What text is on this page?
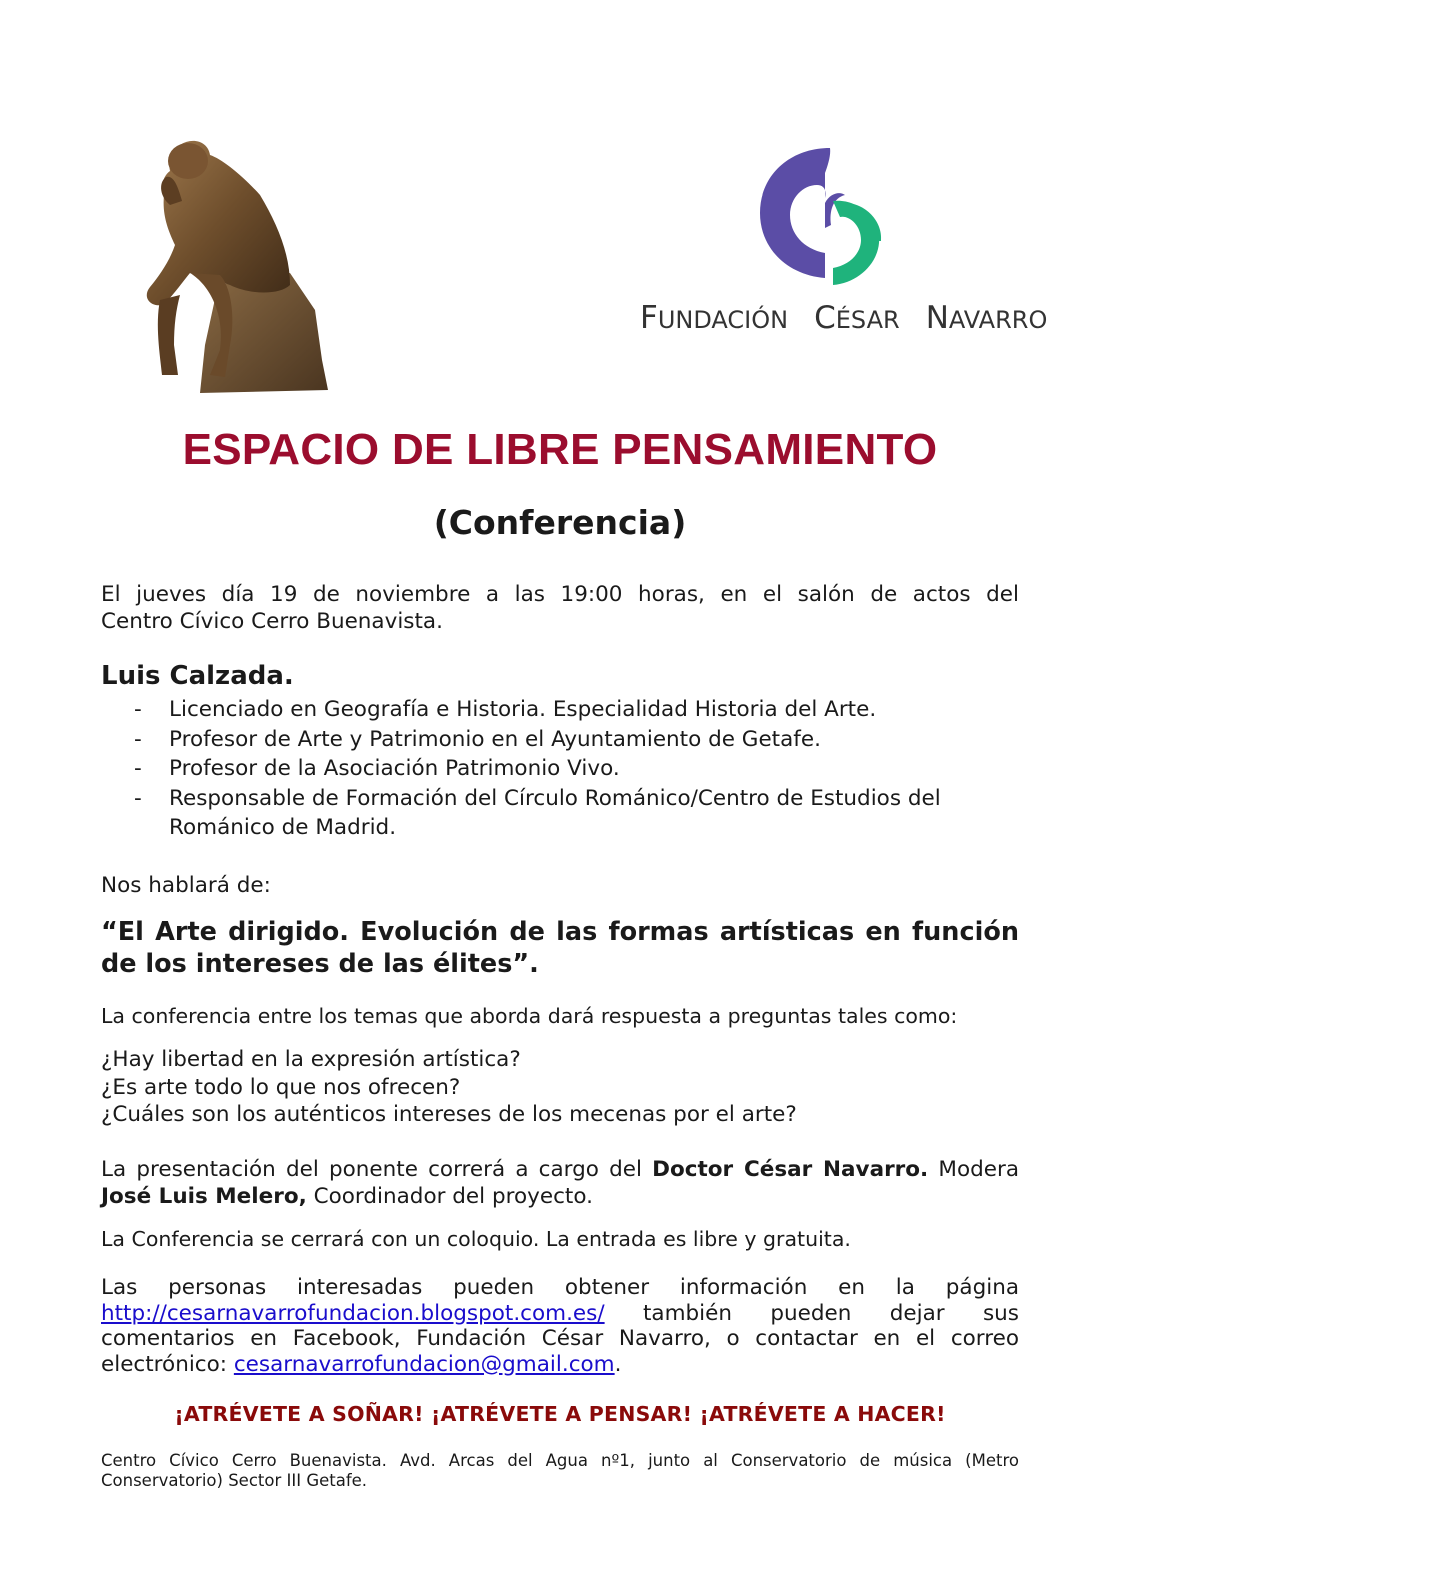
FUNDACIÓN CÉSAR NAVARRO
ESPACIO DE LIBRE PENSAMIENTO
(Conferencia)
El jueves día 19 de noviembre a las 19:00 horas, en el salón de actos del
Centro Cívico Cerro Buenavista.
Luis Calzada.
- Licenciado en Geografía e Historia. Especialidad Historia del Arte.
- Profesor de Arte y Patrimonio en el Ayuntamiento de Getafe.
- Profesor de la Asociación Patrimonio Vivo.
- Responsable de Formación del Círculo Románico/Centro de Estudios del Románico de Madrid.
Nos hablará de:
“El Arte dirigido. Evolución de las formas artísticas en función de los intereses de las élites”.
La conferencia entre los temas que aborda dará respuesta a preguntas tales como:
¿Hay libertad en la expresión artística?
¿Es arte todo lo que nos ofrecen?
¿Cuáles son los auténticos intereses de los mecenas por el arte?
La presentación del ponente correrá a cargo del Doctor César Navarro. Modera José Luis Melero, Coordinador del proyecto.
La Conferencia se cerrará con un coloquio. La entrada es libre y gratuita.
Las personas interesadas pueden obtener información en la página
http://cesarnavarrofundacion.blogspot.com.es/ también pueden dejar sus comentarios en Facebook, Fundación César Navarro, o contactar en el correo electrónico: cesarnavarrofundacion@gmail.com.
¡ATRÉVETE A SOÑAR! ¡ATRÉVETE A PENSAR! ¡ATRÉVETE A HACER!
Centro Cívico Cerro Buenavista. Avd. Arcas del Agua nº1, junto al Conservatorio de música (Metro Conservatorio) Sector III Getafe.
